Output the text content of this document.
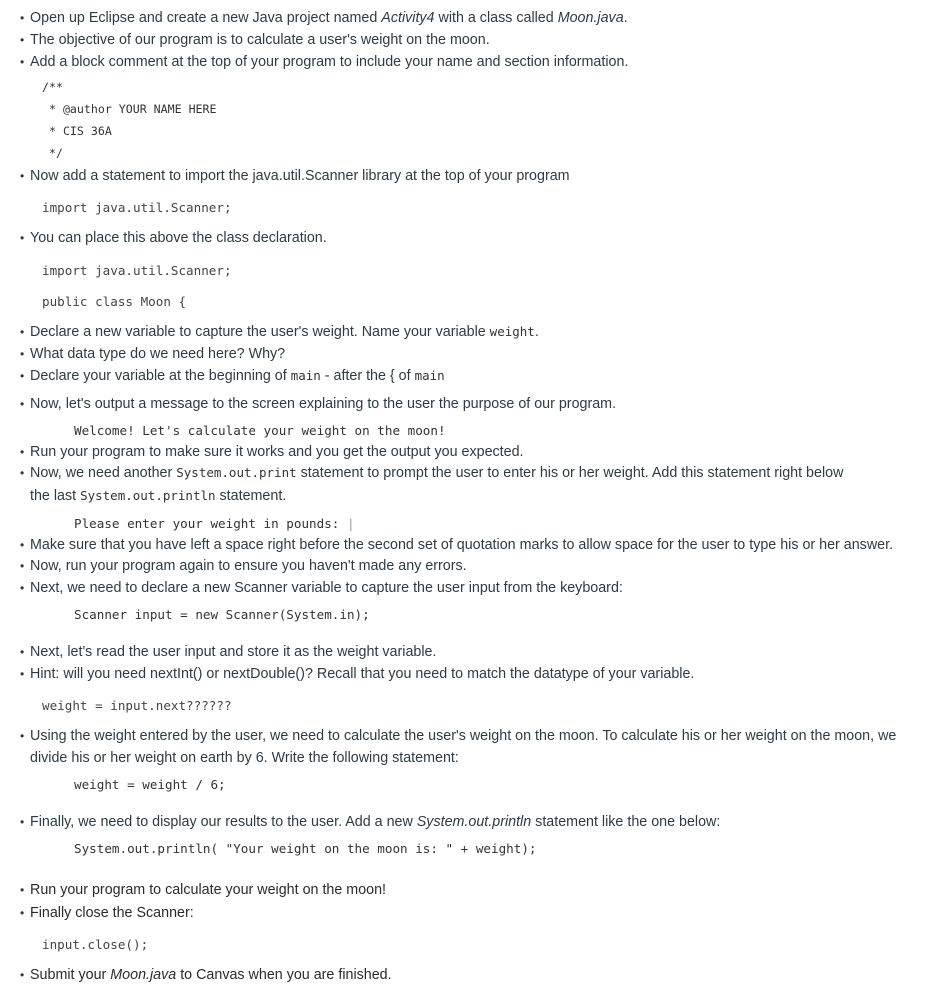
• Open up Eclipse and create a new Java project named Activity4 with a class called Moon.java.
• The objective of our program is to calculate a user's weight on the moon.
• Add a block comment at the top of your program to include your name and section information.
/**
* @author YOUR NAME HERE
* CIS 36A
*/
• Now add a statement to import the java.util.Scanner library at the top of your program
import java.util.Scanner;
• You can place this above the class declaration.
import java.util.Scanner;
public class Moon {
• Declare a new variable to capture the user's weight. Name your variable weight.
• What data type do we need here? Why?
• Declare your variable at the beginning of main - after the { of main
• Now, let's output a message to the screen explaining to the user the purpose of our program.
Welcome! Let's calculate your weight on the moon!
• Run your program to make sure it works and you get the output you expected.
• Now, we need another System.out.print statement to prompt the user to enter his or her weight. Add this statement right below
the last System.out.println statement.
Please enter your weight in pounds: |
• Make sure that you have left a space right before the second set of quotation marks to allow space for the user to type his or her answer.
• Now, run your program again to ensure you haven't made any errors.
• Next, we need to declare a new Scanner variable to capture the user input from the keyboard:
Scanner input = new Scanner(System.in);
• Next, let's read the user input and store it as the weight variable.
• Hint: will you need nextInt() or nextDouble()? Recall that you need to match the datatype of your variable.
weight = input.next??????
• Using the weight entered by the user, we need to calculate the user's weight on the moon. To calculate his or her weight on the moon, we
divide his or her weight on earth by 6. Write the following statement:
weight = weight / 6;
• Finally, we need to display our results to the user. Add a new System.out.println statement like the one below:
System.out.println( "Your weight on the moon is: " + weight);
• Run your program to calculate your weight on the moon!
• Finally close the Scanner:
input.close();
• Submit your Moon.java to Canvas when you are finished.
